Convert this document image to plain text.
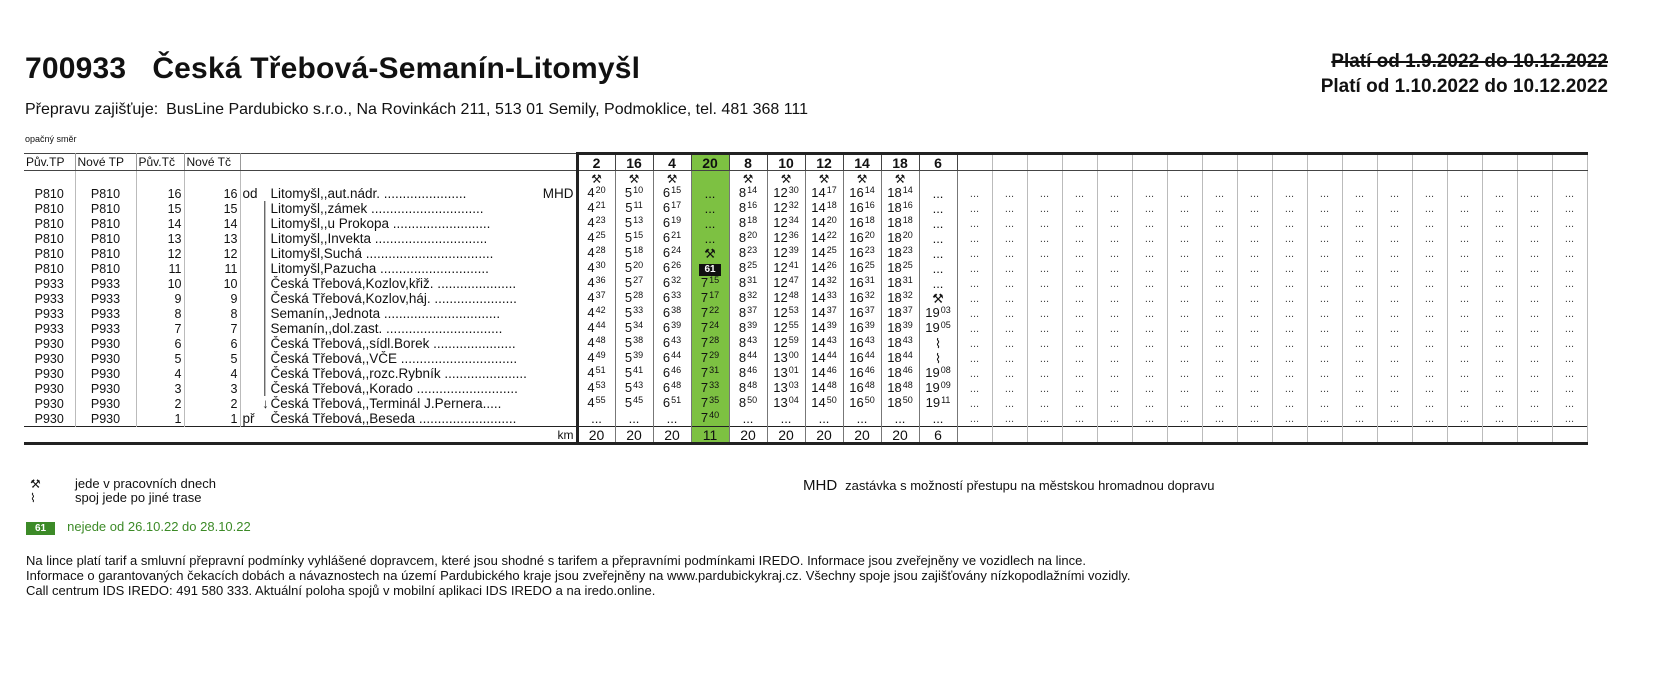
700933 Česká Třebová-Semanín-Litomyšl	Platí od 1.9.2022 do 10.12.2022
Platí od 1.10.2022 do 10.12.2022
Přepravu zajišťuje: BusLine Pardubicko s.r.o., Na Rovinkách 211, 513 01 Semily, Podmoklice, tel. 481 368 111
opačný směr
Pův.TP	Nové TP	Pův.Tč	Nové Tč		2	16	4	20	8	10	12	14	18	6																		
					⚒	⚒	⚒		⚒	⚒	⚒	⚒	⚒																			
P810	P810	16	16	od Litomyšl,,aut.nádr. ...................... MHD	$4_{20}$	$5_{10}$	$6_{15}$	...	$8_{14}$	$12_{30}$	$14_{17}$	$16_{14}$	$18_{14}$	...	...	...	...	...	...	...	...	...	...	...	...	...	...	...	...	...	...	...
P810	P810	15	15	│Litomyšl,,zámek ..............................	$4_{21}$	$5_{11}$	$6_{17}$	...	$8_{16}$	$12_{32}$	$14_{18}$	$16_{16}$	$18_{16}$	...	...	...	...	...	...	...	...	...	...	...	...	...	...	...	...	...	...	...
P810	P810	14	14	│Litomyšl,,u Prokopa ..........................	$4_{23}$	$5_{13}$	$6_{19}$	...	$8_{18}$	$12_{34}$	$14_{20}$	$16_{18}$	$18_{18}$	...	...	...	...	...	...	...	...	...	...	...	...	...	...	...	...	...	...	...
P810	P810	13	13	│Litomyšl,,Invekta ..............................	$4_{25}$	$5_{15}$	$6_{21}$	...	$8_{20}$	$12_{36}$	$14_{22}$	$16_{20}$	$18_{20}$	...	...	...	...	...	...	...	...	...	...	...	...	...	...	...	...	...	...	...
P810	P810	12	12	│Litomyšl,Suchá ..................................	$4_{28}$	$5_{18}$	$6_{24}$	⚒	$8_{23}$	$12_{39}$	$14_{25}$	$16_{23}$	$18_{23}$	...	...	...	...	...	...	...	...	...	...	...	...	...	...	...	...	...	...	...
P810	P810	11	11	│Litomyšl,Pazucha .............................	$4_{30}$	$5_{20}$	$6_{26}$	61	$8_{25}$	$12_{41}$	$14_{26}$	$16_{25}$	$18_{25}$	...	...	...	...	...	...	...	...	...	...	...	...	...	...	...	...	...	...	...
P933	P933	10	10	│Česká Třebová,Kozlov,křiž. .....................	$4_{36}$	$5_{27}$	$6_{32}$	$7_{15}$	$8_{31}$	$12_{47}$	$14_{32}$	$16_{31}$	$18_{31}$	...	...	...	...	...	...	...	...	...	...	...	...	...	...	...	...	...	...	...
P933	P933	9	9	│Česká Třebová,Kozlov,háj. ......................	$4_{37}$	$5_{28}$	$6_{33}$	$7_{17}$	$8_{32}$	$12_{48}$	$14_{33}$	$16_{32}$	$18_{32}$	⚒	...	...	...	...	...	...	...	...	...	...	...	...	...	...	...	...	...	...
P933	P933	8	8	│Semanín,,Jednota ...............................	$4_{42}$	$5_{33}$	$6_{38}$	$7_{22}$	$8_{37}$	$12_{53}$	$14_{37}$	$16_{37}$	$18_{37}$	$19_{03}$	...	...	...	...	...	...	...	...	...	...	...	...	...	...	...	...	...	...
P933	P933	7	7	│Semanín,,dol.zast. ...............................	$4_{44}$	$5_{34}$	$6_{39}$	$7_{24}$	$8_{39}$	$12_{55}$	$14_{39}$	$16_{39}$	$18_{39}$	$19_{05}$	...	...	...	...	...	...	...	...	...	...	...	...	...	...	...	...	...	...
P930	P930	6	6	│Česká Třebová,,sídl.Borek ......................	$4_{48}$	$5_{38}$	$6_{43}$	$7_{28}$	$8_{43}$	$12_{59}$	$14_{43}$	$16_{43}$	$18_{43}$	⌇	...	...	...	...	...	...	...	...	...	...	...	...	...	...	...	...	...	...
P930	P930	5	5	│Česká Třebová,,VČE ...............................	$4_{49}$	$5_{39}$	$6_{44}$	$7_{29}$	$8_{44}$	$13_{00}$	$14_{44}$	$16_{44}$	$18_{44}$	⌇	...	...	...	...	...	...	...	...	...	...	...	...	...	...	...	...	...	...
P930	P930	4	4	│Česká Třebová,,rozc.Rybník ......................	$4_{51}$	$5_{41}$	$6_{46}$	$7_{31}$	$8_{46}$	$13_{01}$	$14_{46}$	$16_{46}$	$18_{46}$	$19_{08}$	...	...	...	...	...	...	...	...	...	...	...	...	...	...	...	...	...	...
P930	P930	3	3	│Česká Třebová,,Korado ...........................	$4_{53}$	$5_{43}$	$6_{48}$	$7_{33}$	$8_{48}$	$13_{03}$	$14_{48}$	$16_{48}$	$18_{48}$	$19_{09}$	...	...	...	...	...	...	...	...	...	...	...	...	...	...	...	...	...	...
P930	P930	2	2	↓ Česká Třebová,,Terminál J.Pernera.....	$4_{55}$	$5_{45}$	$6_{51}$	$7_{35}$	$8_{50}$	$13_{04}$	$14_{50}$	$16_{50}$	$18_{50}$	$19_{11}$	...	...	...	...	...	...	...	...	...	...	...	...	...	...	...	...	...	...
P930	P930	1	1	př Česká Třebová,,Beseda ..........................	...	...	...	$7_{40}$	...	...	...	...	...	...	...	...	...	...	...	...	...	...	...	...	...	...	...	...	...	...	...	...
km					20	20	20	11	20	20	20	20	20	6																		
⚒	jede v pracovních dnech
⌇	spoj jede po jiné trase
MHD zastávka s možností přestupu na městskou hromadnou dopravu
61 nejede od 26.10.22 do 28.10.22
Na lince platí tarif a smluvní přepravní podmínky vyhlášené dopravcem, které jsou shodné s tarifem a přepravními podmínkami IREDO. Informace jsou zveřejněny ve vozidlech na lince.
Informace o garantovaných čekacích dobách a návaznostech na území Pardubického kraje jsou zveřejněny na www.pardubickykraj.cz. Všechny spoje jsou zajišťovány nízkopodlažními vozidly.
Call centrum IDS IREDO: 491 580 333. Aktuální poloha spojů v mobilní aplikaci IDS IREDO a na iredo.online.
